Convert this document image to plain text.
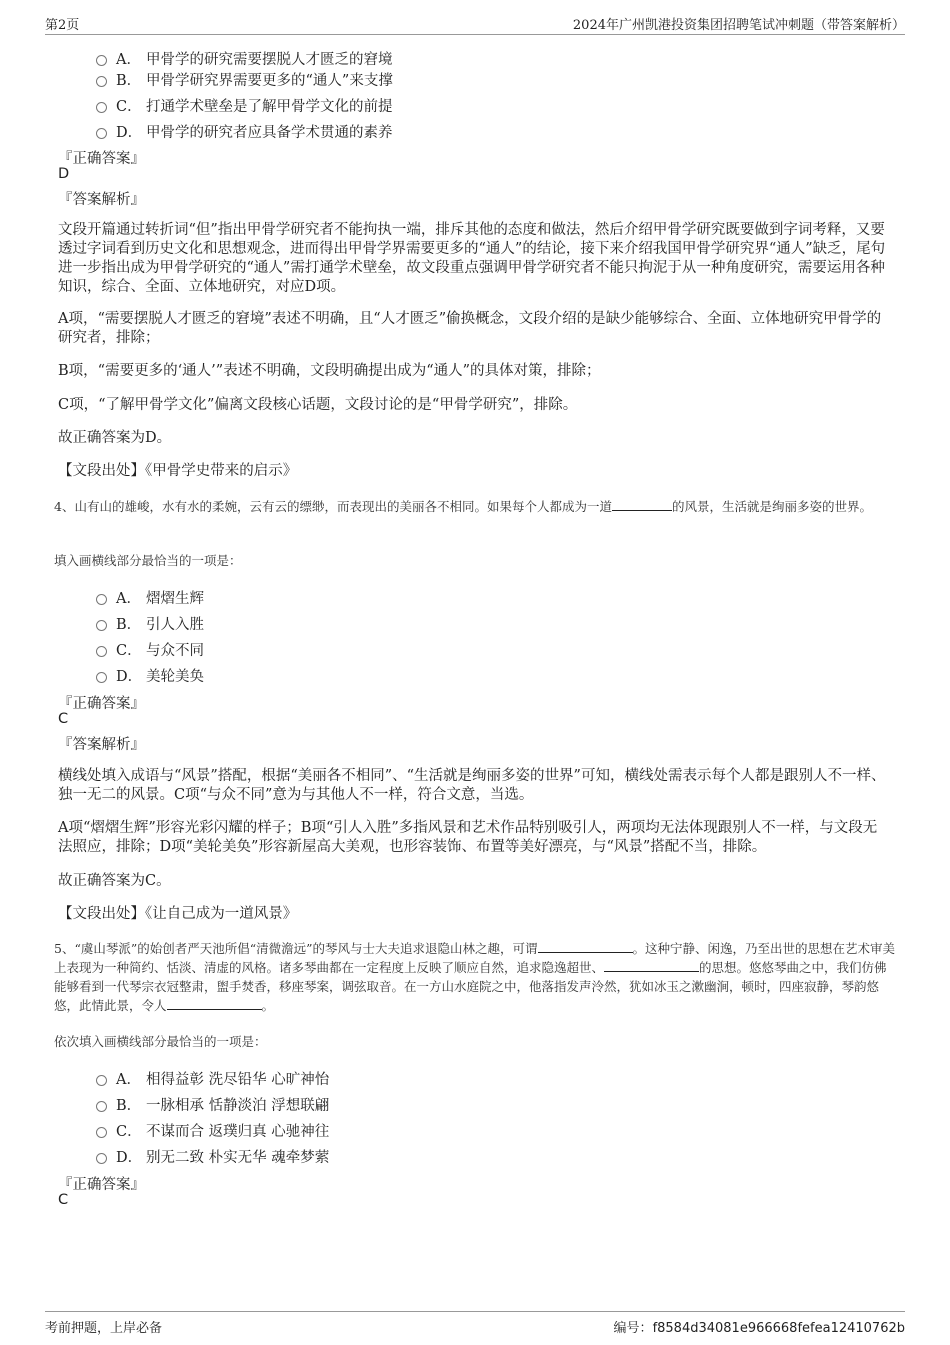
第2页	2024年广州凯港投资集团招聘笔试冲刺题（带答案解析）
A． 甲骨学的研究需要摆脱人才匮乏的窘境
B． 甲骨学研究界需要更多的“通人”来支撑
C． 打通学术壁垒是了解甲骨学文化的前提
D． 甲骨学的研究者应具备学术贯通的素养
『正确答案』
D
『答案解析』
文段开篇通过转折词“但”指出甲骨学研究者不能拘执一端，排斥其他的态度和做法，然后介绍甲骨学研究既要做到字词考释，又要透过字词看到历史文化和思想观念，进而得出甲骨学界需要更多的“通人”的结论，接下来介绍我国甲骨学研究界“通人”缺乏，尾句进一步指出成为甲骨学研究的“通人”需打通学术壁垒，故文段重点强调甲骨学研究者不能只拘泥于从一种角度研究，需要运用各种知识，综合、全面、立体地研究，对应D项。
A项，“需要摆脱人才匮乏的窘境”表述不明确，且“人才匮乏”偷换概念，文段介绍的是缺少能够综合、全面、立体地研究甲骨学的研究者，排除；
B项，“需要更多的‘通人’”表述不明确，文段明确提出成为“通人”的具体对策，排除；
C项，“了解甲骨学文化”偏离文段核心话题，文段讨论的是“甲骨学研究”，排除。
故正确答案为D。
【文段出处】《甲骨学史带来的启示》
4、山有山的雄峻，水有水的柔婉，云有云的缥缈，而表现出的美丽各不相同。如果每个人都成为一道	的风景，生活就是绚丽多姿的世界。
填入画横线部分最恰当的一项是：
A． 熠熠生辉
B． 引人入胜
C． 与众不同
D． 美轮美奂
『正确答案』
C
『答案解析』
横线处填入成语与“风景”搭配，根据“美丽各不相同”、“生活就是绚丽多姿的世界”可知，横线处需表示每个人都是跟别人不一样、独一无二的风景。C项“与众不同”意为与其他人不一样，符合文意，当选。
A项“熠熠生辉”形容光彩闪耀的样子；B项“引人入胜”多指风景和艺术作品特别吸引人，两项均无法体现跟别人不一样，与文段无法照应，排除；D项“美轮美奂”形容新屋高大美观，也形容装饰、布置等美好漂亮，与“风景”搭配不当，排除。
故正确答案为C。
【文段出处】《让自己成为一道风景》
5、“虞山琴派”的始创者严天池所倡“清微澹远”的琴风与士大夫追求退隐山林之趣，可谓	。这种宁静、闲逸，乃至出世的思想在艺术审美上表现为一种简约、恬淡、清虚的风格。诸多琴曲都在一定程度上反映了顺应自然，追求隐逸超世、	的思想。悠悠琴曲之中，我们仿佛能够看到一代琴宗衣冠整肃，盥手焚香，移座琴案，调弦取音。在一方山水庭院之中，他落指发声泠然，犹如冰玉之漱幽涧，顿时，四座寂静，琴韵悠悠，此情此景，令人	。
依次填入画横线部分最恰当的一项是：
A． 相得益彰 洗尽铅华 心旷神怡
B． 一脉相承 恬静淡泊 浮想联翩
C． 不谋而合 返璞归真 心驰神往
D． 别无二致 朴实无华 魂牵梦萦
『正确答案』
C
考前押题，上岸必备	编号：f8584d34081e966668fefea12410762b
